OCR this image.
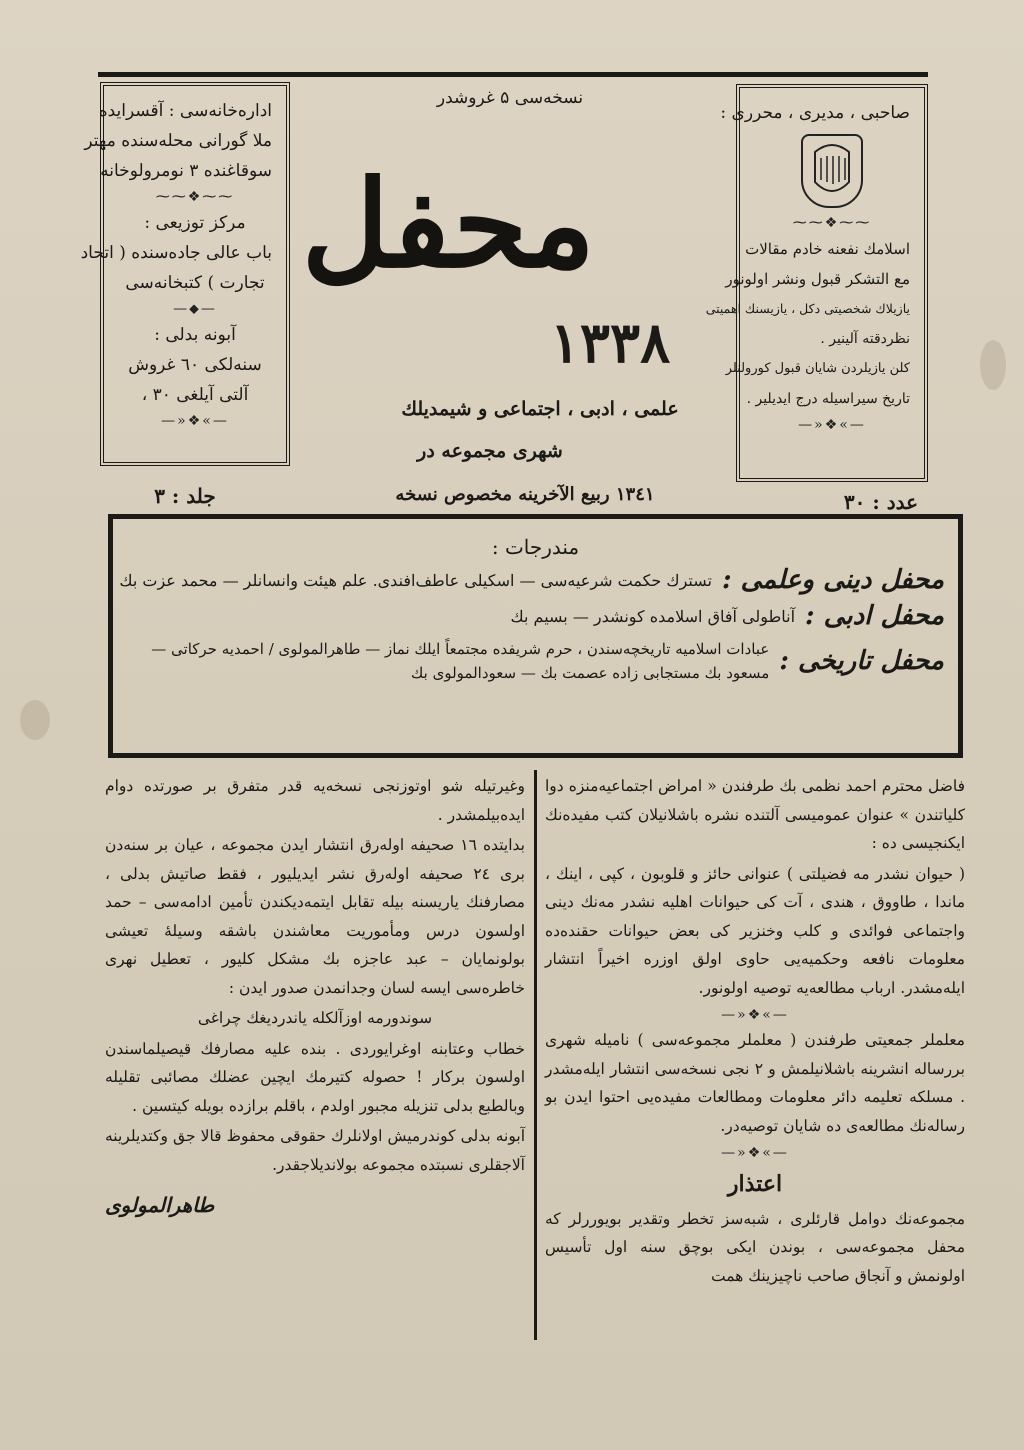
اداره‌خانه‌سی : آقسرایده
ملا گورانی محله‌سنده مهتر
سوقاغنده ٣ نومرولوخانه
⁓⁓❖⁓⁓
مرکز توزیعی :
باب عالی جاده‌سنده ( اتحاد
تجارت ) کتبخانه‌سی
—⬥—
آبونه بدلی :
سنه‌لکی ٦٠ غروش
آلتی آیلغی ٣٠ ،
—»❖«—
صاحبی ، مدیری ، محرری :
⁓⁓❖⁓⁓
اسلامك نفعنه خادم مقالات
مع التشکر قبول ونشر اولونور
یازیلاك شخصیتی دکل ، یازیسنك اهمیتی
نظردقته آلینیر .
کلن یازیلردن شایان قبول کورولنلر
تاریخ سیراسیله درج ایدیلیر .
—»❖«—
نسخه‌سی ۵ غروشدر
محفل
١٣٣٨
علمی ، ادبی ، اجتماعی و شیمدیلك
شهری مجموعه در
١٣٤١ ربیع الآخرینه مخصوص نسخه
جلد : ٣	عدد : ٣٠
مندرجات :
محفل دینی وعلمی :
تسترك حكمت شرعیه‌سی — اسکیلی عاطف‌افندی. علم هیئت وانسانلر — محمد عزت بك
محفل ادبی :
آناطولی آفاق اسلامده کونشدر — بسیم بك
محفل تاریخی :
عبادات اسلامیه تاریخچه‌سندن ، حرم شریفده مجتمعاً ایلك نماز — طاهرالمولوی / احمدیه حرکاتی — مسعود بك مستجابی زاده عصمت بك — سعودالمولوی بك

فاضل محترم احمد نظمی بك طرفندن « امراض اجتماعیه‌منزه دوا كلیاتندن » عنوان عمومیسی آلتنده نشره باشلانیلان کتب مفیده‌نك ایکنجیسی ده :

( حیوان نشدر مه فضیلتی ) عنوانی حائز و قلوبون ، کپی ، اینك ، ماندا ، طاووق ، هندی ، آت کی حیوانات اهلیه نشدر مه‌نك دینی واجتماعی فوائدی و کلب وخنزیر کی بعض حیوانات حقنده‌ده معلومات نافعه وحکمیه‌یی حاوی اولق اوزره اخیراً انتشار ایله‌مشدر. ارباب مطالعه‌یه توصیه اولونور.

—»❖«—

معلملر جمعیتی طرفندن ( معلملر مجموعه‌سی ) نامیله شهری بررساله انشرینه باشلانیلمش و ٢ نجی نسخه‌سی انتشار ایله‌مشدر . مسلکه تعلیمه دائر معلومات ومطالعات مفیده‌یی احتوا ایدن بو رساله‌نك مطالعه‌ی ده شایان توصیه‌در.

—»❖«—
اعتذار

مجموعه‌نك دوامل قارئلری ، شبه‌سز تخطر وتقدیر بویوررلر که محفل مجموعه‌سی ، بوندن ایکی بوچق سنه اول تأسیس اولونمش و آنجاق صاحب ناچیزینك همت

وغیرتیله شو اوتوزنجی نسخه‌یه قدر متفرق بر صورتده دوام ایده‌بیلمشدر .

بدایتده ١٦ صحیفه اوله‌رق انتشار ایدن مجموعه ، عیان بر سنه‌دن بری ٢٤ صحیفه اوله‌رق نشر ایدیلیور ، فقط صاتیش بدلی ، مصارفنك یاریسنه بیله تقابل ایتمه‌دیکندن تأمین ادامه‌سی – حمد اولسون درس ومأموریت معاشندن باشقه وسیله‌ٔ تعیشی بولونمایان – عبد عاجزه بك مشکل کلیور ، تعطیل نهری خاطره‌سی ایسه لسان وجدانمدن صدور ایدن :

سوندورمه اوزآلكله یاندردیغك چراغی

خطاب وعتابنه اوغرایوردی . بنده علیه مصارفك قیصیلماسندن اولسون برکار ! حصوله کتیرمك ایچین عضلك مصائبی تقلیله وبالطبع بدلی تنزیله مجبور اولدم ، باقلم برازده بویله کیتسین .

آبونه بدلی کوندرمیش اولانلرك حقوقی محفوظ قالا جق وکتدیلرینه آلاجقلری نسبتده مجموعه بولاندیلاجقدر.

طاهرالمولوی
